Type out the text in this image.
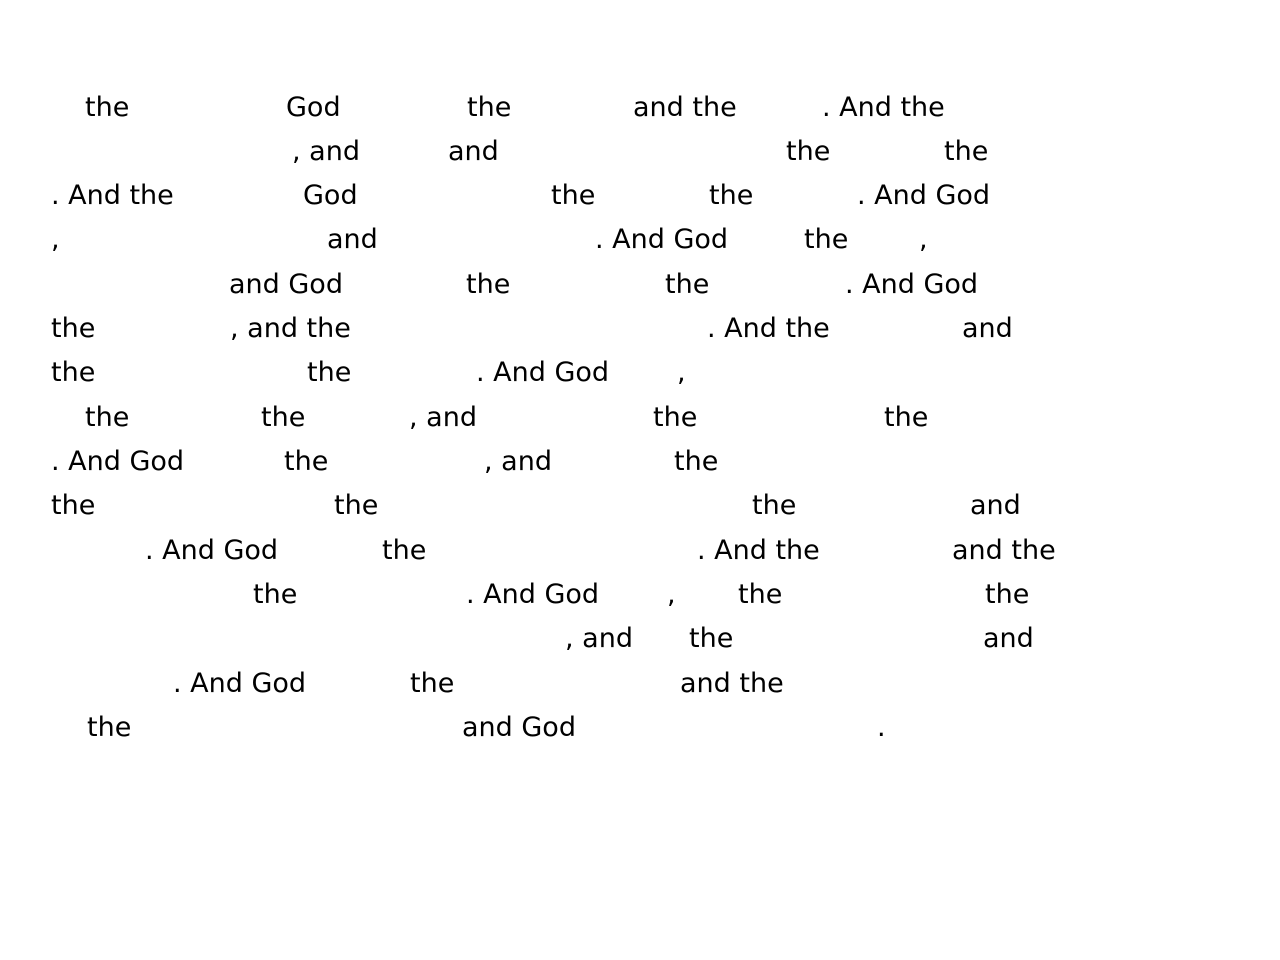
the	God	the	and the	. And the
, and	and	the	the
. And the	God	the	the	. And God
,	and	. And God	the	,
and God	the	the	. And God
the	, and the	. And the	and
the	the	. And God	,
the	the	, and	the	the
. And God	the	, and	the
the	the	the	and
. And God	the	. And the	and the
the	. And God	, the	the
, and the	and
. And God	the	and the
the	and God	.
